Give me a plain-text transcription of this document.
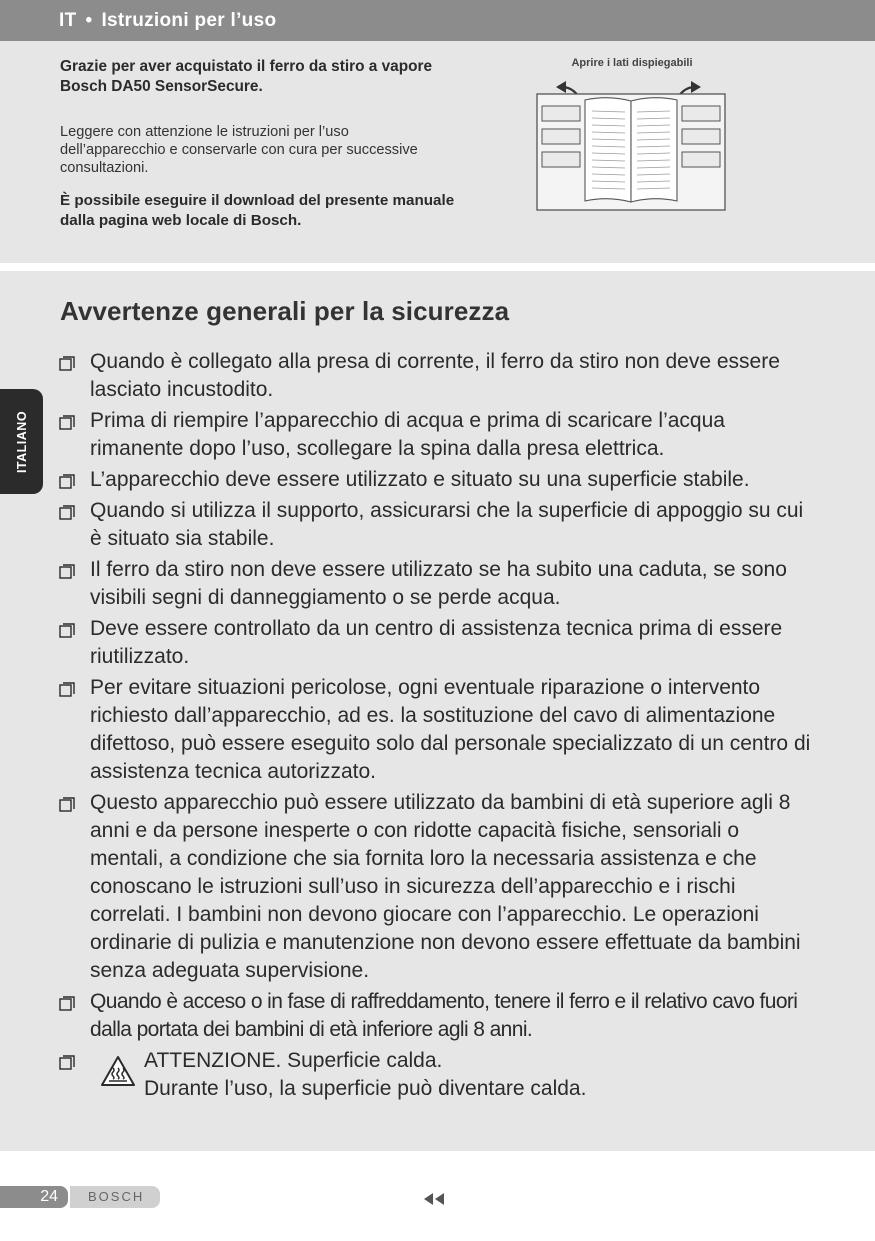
IT • Istruzioni per l’uso
Grazie per aver acquistato il ferro da stiro a vapore Bosch DA50 SensorSecure.
Leggere con attenzione le istruzioni per l’uso dell’apparecchio e conservarle con cura per successive consultazioni.
È possibile eseguire il download del presente manuale dalla pagina web locale di Bosch.
Aprire i lati dispiegabili
ITALIANO
Avvertenze generali per la sicurezza
Quando è collegato alla presa di corrente, il ferro da stiro non deve essere lasciato incustodito.
Prima di riempire l’apparecchio di acqua e prima di scaricare l’acqua rimanente dopo l’uso, scollegare la spina dalla presa elettrica.
L’apparecchio deve essere utilizzato e situato su una superficie stabile.
Quando si utilizza il supporto, assicurarsi che la superficie di appoggio su cui è situato sia stabile.
Il ferro da stiro non deve essere utilizzato se ha subito una caduta, se sono visibili segni di danneggiamento o se perde acqua.
Deve essere controllato da un centro di assistenza tecnica prima di essere riutilizzato.
Per evitare situazioni pericolose, ogni eventuale riparazione o intervento richiesto dall’apparecchio, ad es. la sostituzione del cavo di alimentazione difettoso, può essere eseguito solo dal personale specializzato di un centro di assistenza tecnica autorizzato.
Questo apparecchio può essere utilizzato da bambini di età superiore agli 8 anni e da persone inesperte o con ridotte capacità fisiche, sensoriali o mentali, a condizione che sia fornita loro la necessaria assistenza e che conoscano le istruzioni sull’uso in sicurezza dell’apparecchio e i rischi correlati. I bambini non devono giocare con l’apparecchio. Le operazioni ordinarie di pulizia e manutenzione non devono essere effettuate da bambini senza adeguata supervisione.
Quando è acceso o in fase di raffreddamento, tenere il ferro e il relativo cavo fuori dalla portata dei bambini di età inferiore agli 8 anni.
ATTENZIONE. Superficie calda.
Durante l’uso, la superficie può diventare calda.
24	BOSCH
